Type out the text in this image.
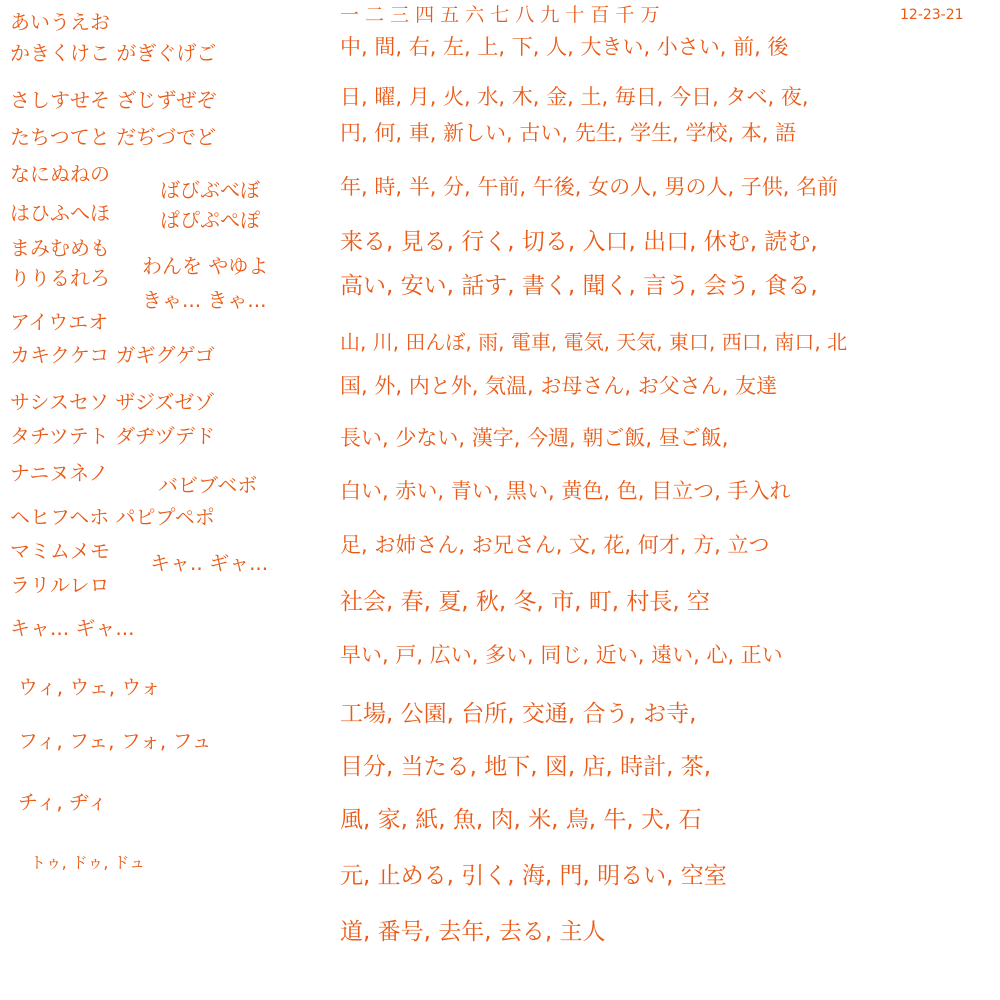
12-23-21
あいうえお
かきくけこ がぎぐげご
さしすせそ ざじずぜぞ
たちつてと だぢづでど
なにぬねの
はひふへほ
ばびぶべぼ
ぱぴぷぺぽ
まみむめも
りりるれろ わんを やゆよ
きゃ... きゃ...
アイウエオ
カキクケコ ガギグゲゴ
サシスセソ ザジズゼゾ
タチツテト ダヂヅデド
ナニヌネノ バビブベボ
ヘヒフヘホ パピプペポ
マミムメモ キャ.. ギャ...
ラリルレロ
キャ... ギャ...
ウィ, ウェ, ウォ
フィ, フェ, フォ, フュ
チィ, ヂィ
トゥ, ドゥ, ドュ
一 二 三 四 五 六 七 八 九 十 百 千 万
中, 間, 右, 左, 上, 下, 人, 大きい, 小さい, 前, 後
日, 曜, 月, 火, 水, 木, 金, 土, 毎日, 今日, タベ, 夜,
円, 何, 車, 新しい, 古い, 先生, 学生, 学校, 本, 語
年, 時, 半, 分, 午前, 午後, 女の人, 男の人, 子供, 名前
来る, 見る, 行く, 切る, 入口, 出口, 休む, 読む,
高い, 安い, 話す, 書く, 聞く, 言う, 会う, 食る,
山, 川, 田んぼ, 雨, 電車, 電気, 天気, 東口, 西口, 南口, 北
国, 外, 内と外, 気温, お母さん, お父さん, 友達
長い, 少ない, 漢字, 今週, 朝ご飯, 昼ご飯,
白い, 赤い, 青い, 黒い, 黄色, 色, 目立つ, 手入れ
足, お姉さん, お兄さん, 文, 花, 何才, 方, 立つ
社会, 春, 夏, 秋, 冬, 市, 町, 村長, 空
早い, 戸, 広い, 多い, 同じ, 近い, 遠い, 心, 正い
工場, 公園, 台所, 交通, 合う, お寺,
目分, 当たる, 地下, 図, 店, 時計, 茶,
風, 家, 紙, 魚, 肉, 米, 鳥, 牛, 犬, 石
元, 止める, 引く, 海, 門, 明るい, 空室
道, 番号, 去年, 去る, 主人
